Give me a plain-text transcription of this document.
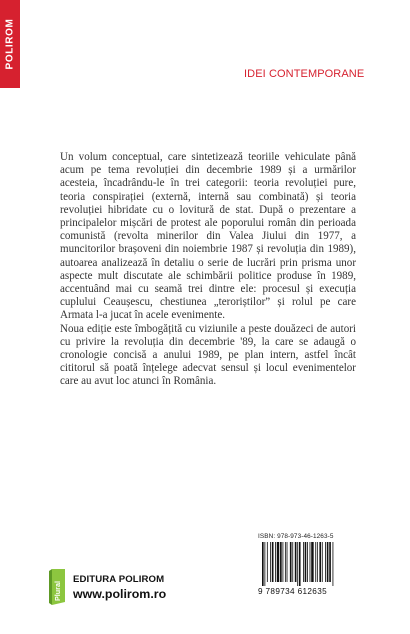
POLIROM
IDEI CONTEMPORANE

Un volum conceptual, care sintetizează teoriile vehiculate până acum pe tema revoluției din decembrie 1989 și a urmărilor acesteia, încadrându-le în trei categorii: teoria revoluției pure, teoria conspirației (externă, internă sau combinată) și teoria revoluției hibridate cu o lovitură de stat. După o prezentare a principalelor mișcări de protest ale poporului român din perioada comunistă (revolta minerilor din Valea Jiului din 1977, a muncitorilor brașoveni din noiembrie 1987 și revoluția din 1989), autoarea analizează în detaliu o serie de lucrări prin prisma unor aspecte mult discutate ale schimbării politice produse în 1989, accentuând mai cu seamă trei dintre ele: procesul și execuția cuplului Ceaușescu, chestiunea „teroriștilor” și rolul pe care Armata l-a jucat în acele evenimente.

Noua ediție este îmbogățită cu viziunile a peste douăzeci de autori cu privire la revoluția din decembrie '89, la care se adaugă o cronologie concisă a anului 1989, pe plan intern, astfel încât cititorul să poată înțelege adecvat sensul și locul evenimentelor care au avut loc atunci în România.

ISBN: 978-973-46-1263-5
9 789734 612635
Plural
EDITURA POLIROM
www.polirom.ro
